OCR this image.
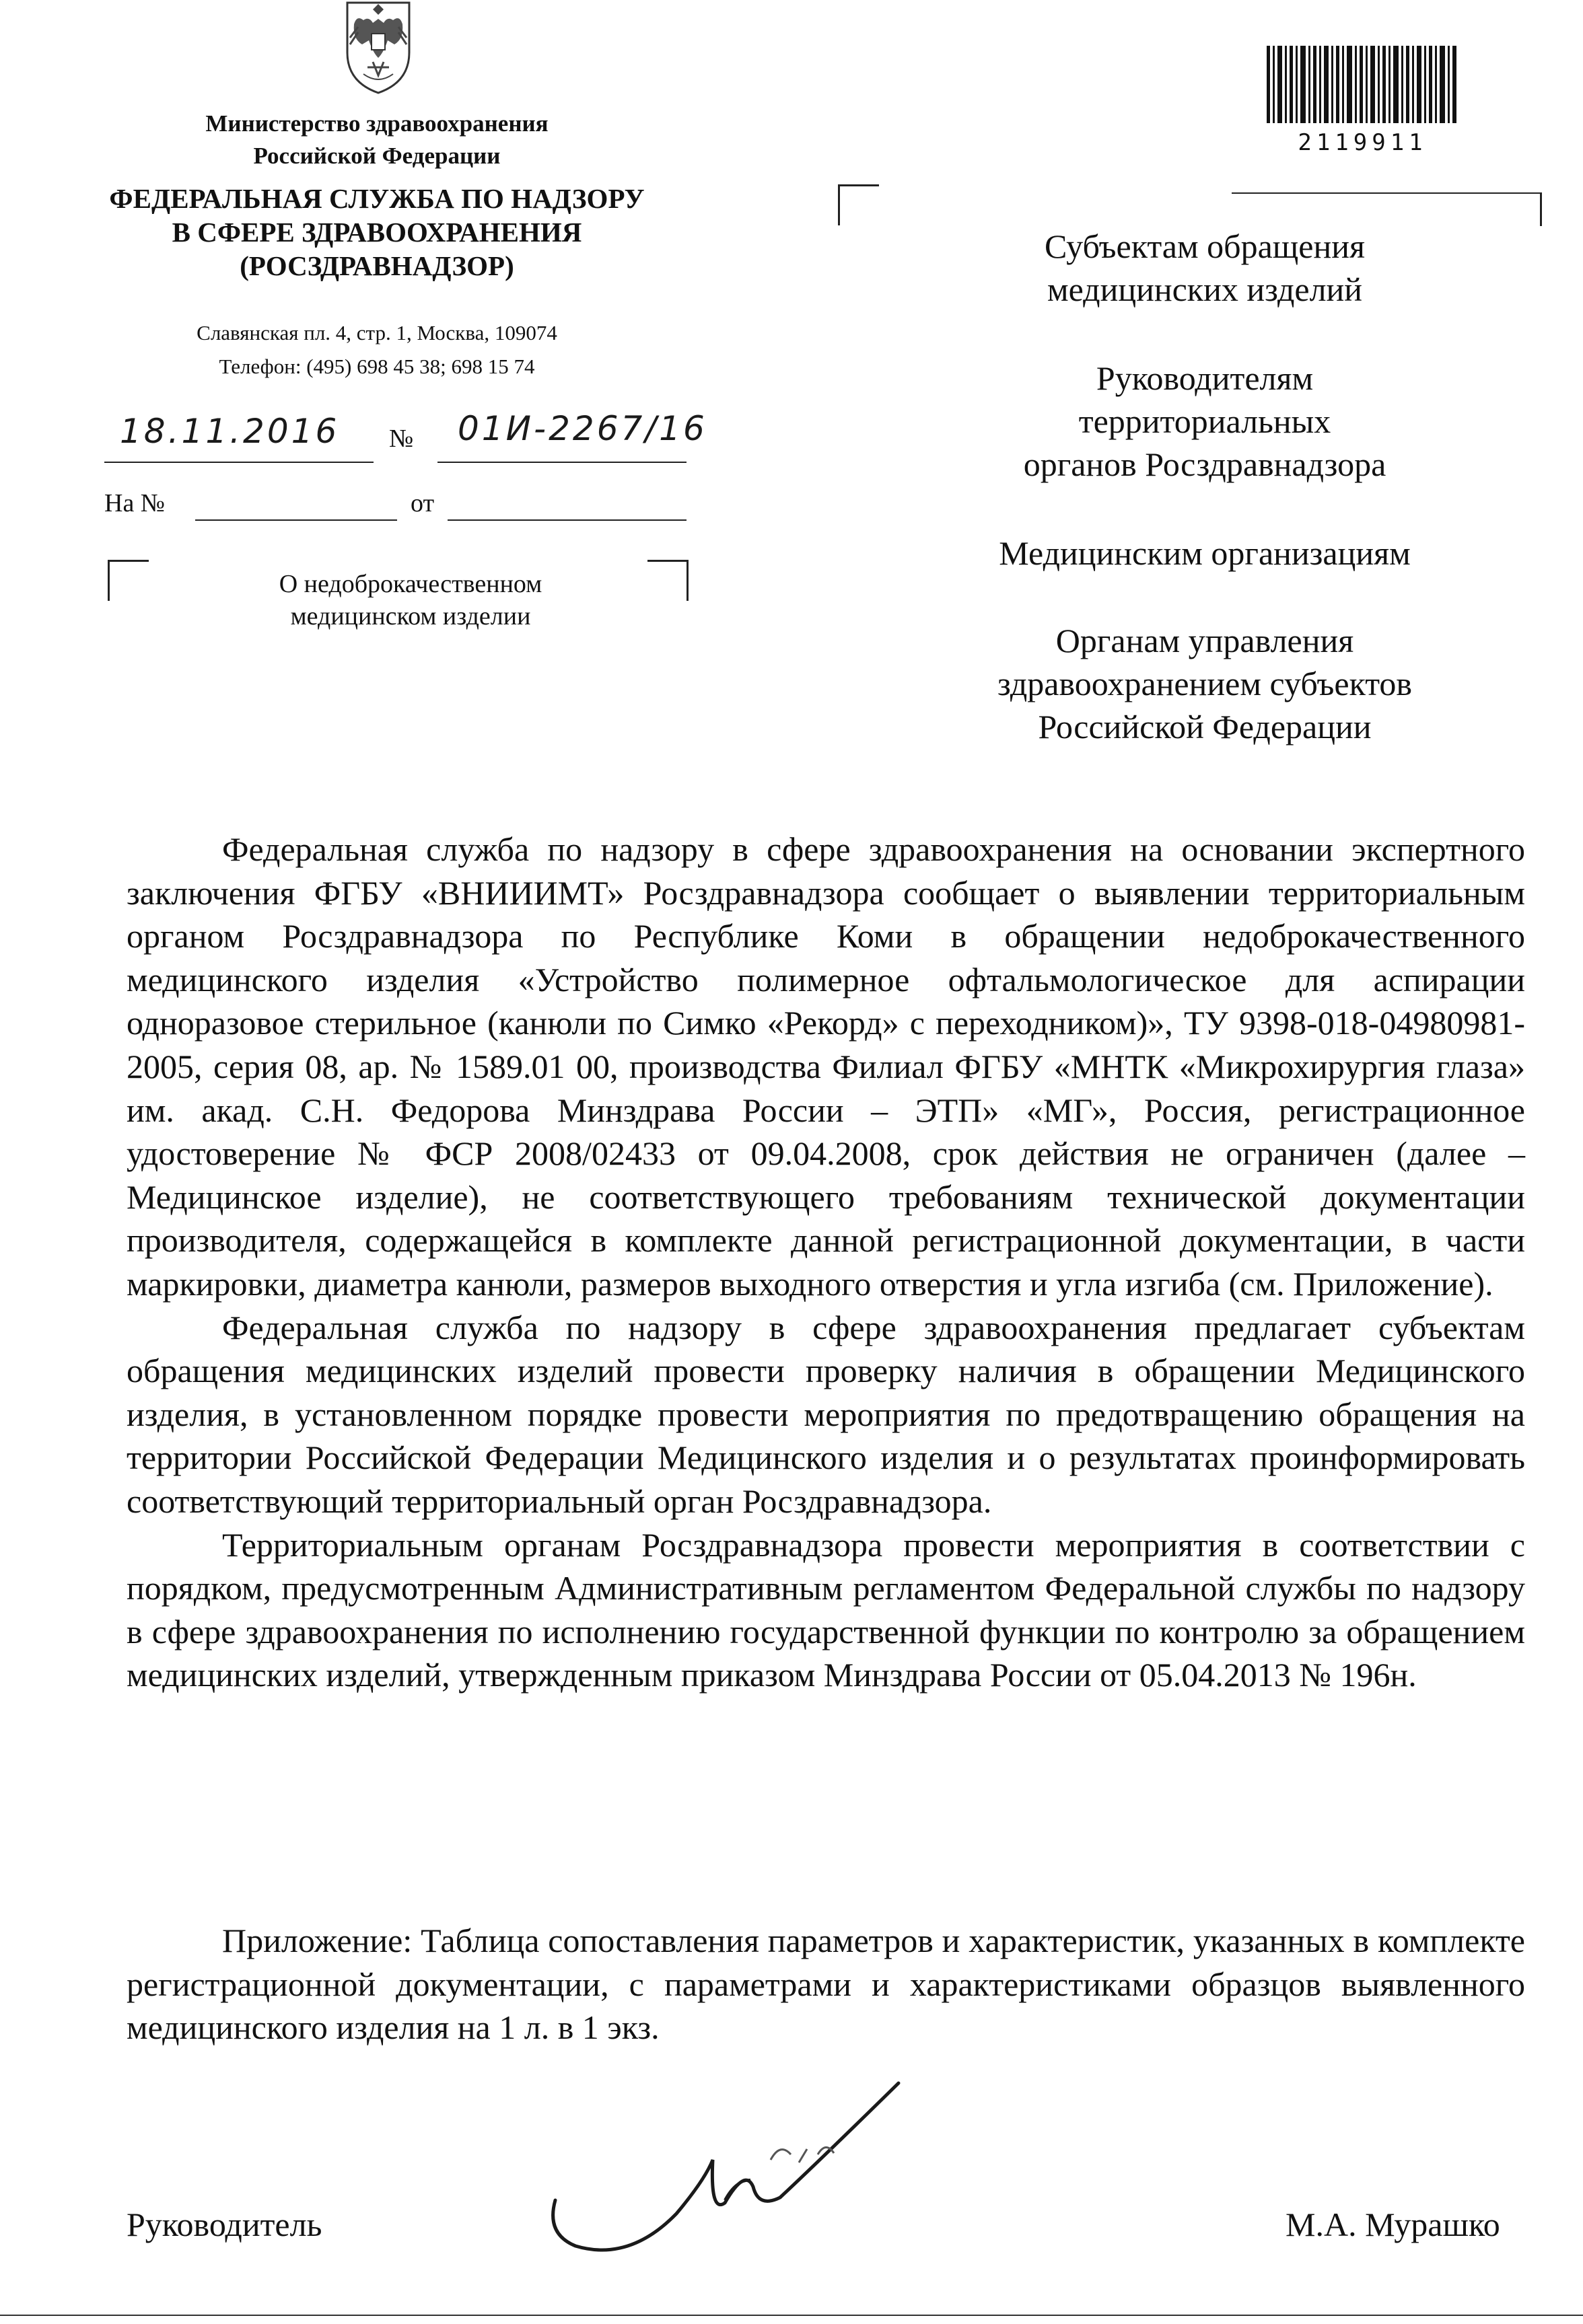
Министерство здравоохранения
Российской Федерации
ФЕДЕРАЛЬНАЯ СЛУЖБА ПО НАДЗОРУ
В СФЕРЕ ЗДРАВООХРАНЕНИЯ
(РОСЗДРАВНАДЗОР)
Славянская пл. 4, стр. 1, Москва, 109074
Телефон: (495) 698 45 38; 698 15 74
18.11.2016 № 01И-2267/16
На №	от
О недоброкачественном
медицинском изделии
2119911
Субъектам обращения
медицинских изделий
Руководителям
территориальных
органов Росздравнадзора
Медицинским организациям
Органам управления
здравоохранением субъектов
Российской Федерации

Федеральная служба по надзору в сфере здравоохранения на основании экспертного заключения ФГБУ «ВНИИИМТ» Росздравнадзора сообщает о выявлении территориальным органом Росздравнадзора по Республике Коми в обращении недоброкачественного медицинского изделия «Устройство полимерное офтальмологическое для аспирации одноразовое стерильное (канюли по Симко «Рекорд» с переходником)», ТУ 9398-018-04980981-2005, серия 08, ар. № 1589.01 00, производства Филиал ФГБУ «МНТК «Микрохирургия глаза» им. акад. С.Н. Федорова Минздрава России – ЭТП» «МГ», Россия, регистрационное удостоверение № ФСР 2008/02433 от 09.04.2008, срок действия не ограничен (далее – Медицинское изделие), не соответствующего требованиям технической документации производителя, содержащейся в комплекте данной регистрационной документации, в части маркировки, диаметра канюли, размеров выходного отверстия и угла изгиба (см. Приложение).

Федеральная служба по надзору в сфере здравоохранения предлагает субъектам обращения медицинских изделий провести проверку наличия в обращении Медицинского изделия, в установленном порядке провести мероприятия по предотвращению обращения на территории Российской Федерации Медицинского изделия и о результатах проинформировать соответствующий территориальный орган Росздравнадзора.

Территориальным органам Росздравнадзора провести мероприятия в соответствии с порядком, предусмотренным Административным регламентом Федеральной службы по надзору в сфере здравоохранения по исполнению государственной функции по контролю за обращением медицинских изделий, утвержденным приказом Минздрава России от 05.04.2013 № 196н.

Приложение: Таблица сопоставления параметров и характеристик, указанных в комплекте регистрационной документации, с параметрами и характеристиками образцов выявленного медицинского изделия на 1 л. в 1 экз.

Руководитель	М.А. Мурашко
